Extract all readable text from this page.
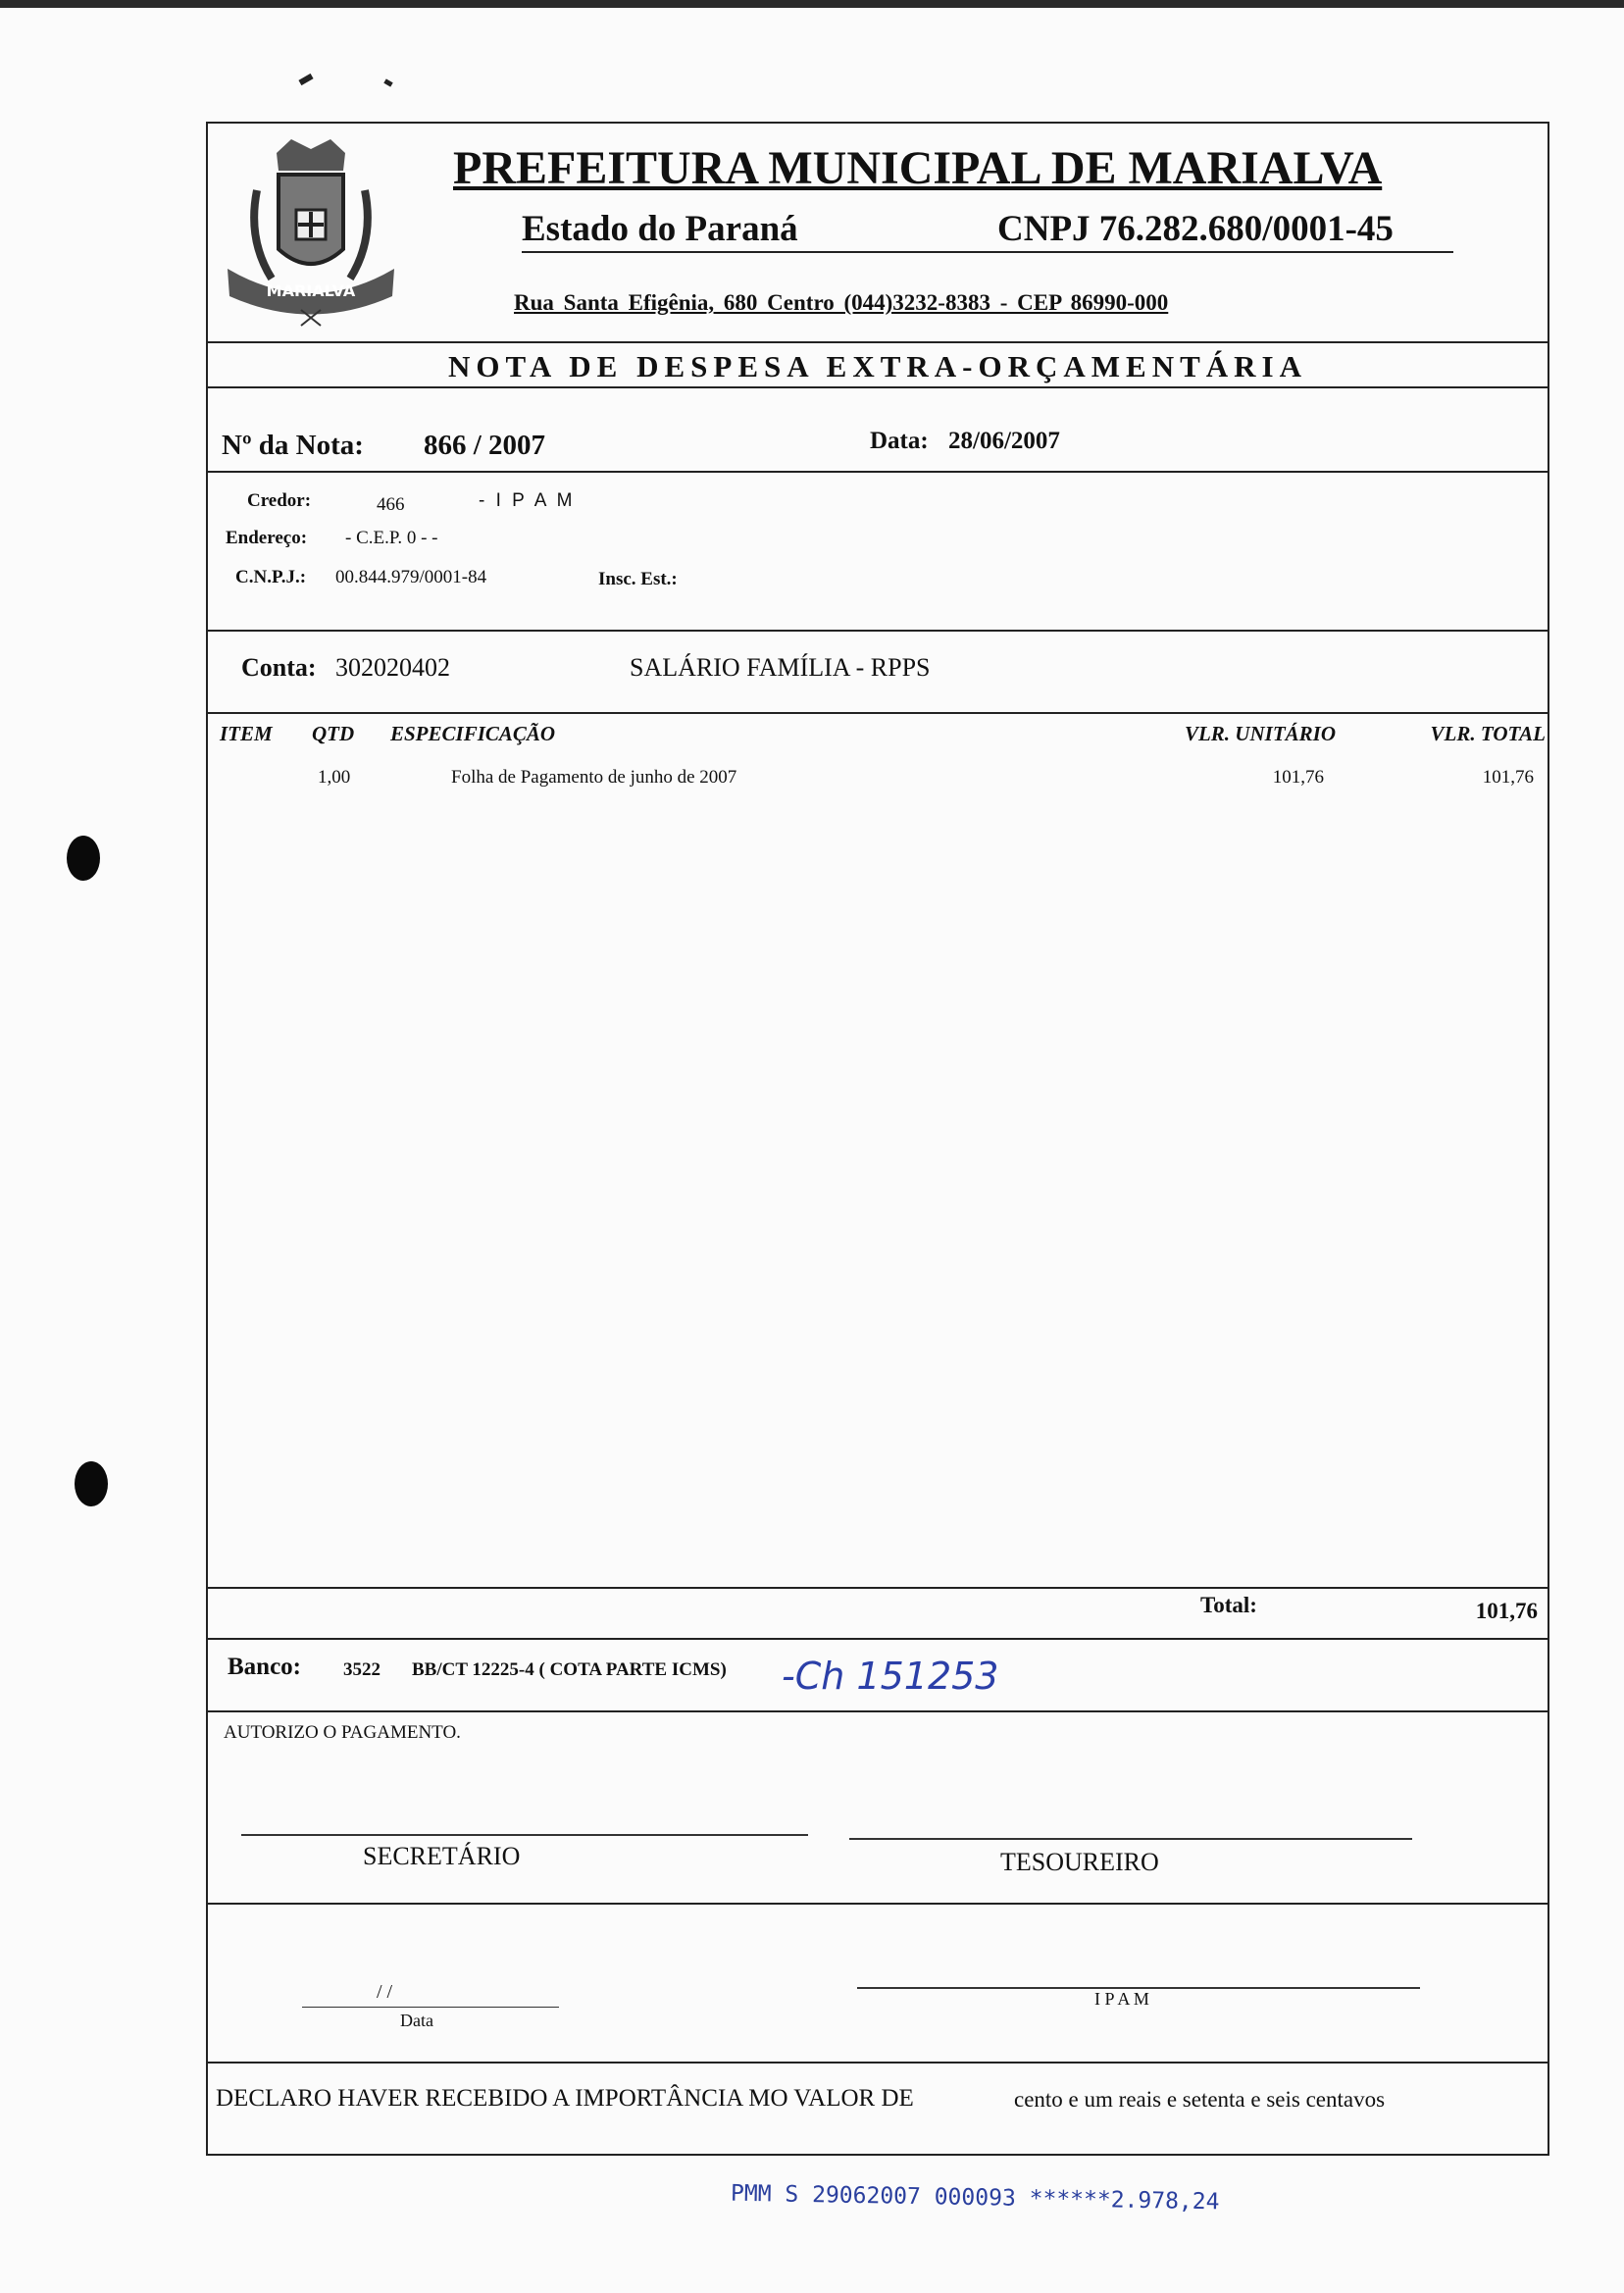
MARIALVA
PREFEITURA MUNICIPAL DE MARIALVA
Estado do Paraná	CNPJ 76.282.680/0001-45
Rua Santa Efigênia, 680 Centro (044)3232-8383 - CEP 86990-000
NOTA DE DESPESA EXTRA-ORÇAMENTÁRIA
Nº da Nota: 866 / 2007	Data: 28/06/2007
Credor:	466	- I P A M
Endereço: - C.E.P. 0 - -
C.N.P.J.: 00.844.979/0001-84	Insc. Est.:
Conta: 302020402	SALÁRIO FAMÍLIA - RPPS
ITEM QTD ESPECIFICAÇÃO	VLR. UNITÁRIO	VLR. TOTAL
1,00	Folha de Pagamento de junho de 2007	101,76	101,76
Total:	101,76
Banco: 3522 BB/CT 12225-4 ( COTA PARTE ICMS) -Ch 151253
AUTORIZO O PAGAMENTO.
SECRETÁRIO	TESOUREIRO
/ /
Data
I P A M
DECLARO HAVER RECEBIDO A IMPORTÂNCIA MO VALOR DE	cento e um reais e setenta e seis centavos
PMM S 29062007 000093 ******2.978,24
